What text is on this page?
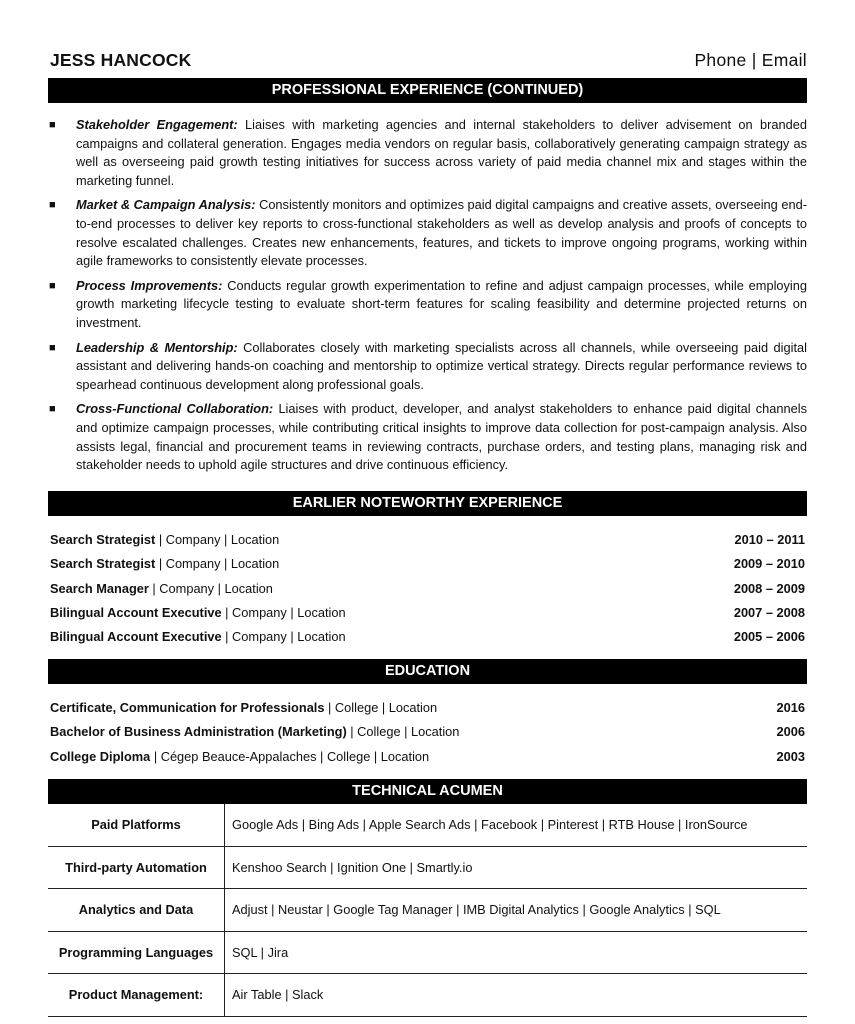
JESS HANCOCK	Phone | Email
PROFESSIONAL EXPERIENCE (CONTINUED)
■ Stakeholder Engagement: Liaises with marketing agencies and internal stakeholders to deliver advisement on branded campaigns and collateral generation. Engages media vendors on regular basis, collaboratively generating campaign strategy as well as overseeing paid growth testing initiatives for success across variety of paid media channel mix and stages within the marketing funnel.
■ Market & Campaign Analysis: Consistently monitors and optimizes paid digital campaigns and creative assets, overseeing end-to-end processes to deliver key reports to cross-functional stakeholders as well as develop analysis and proofs of concepts to resolve escalated challenges. Creates new enhancements, features, and tickets to improve ongoing programs, working within agile frameworks to consistently elevate processes.
■ Process Improvements: Conducts regular growth experimentation to refine and adjust campaign processes, while employing growth marketing lifecycle testing to evaluate short-term features for scaling feasibility and determine projected returns on investment.
■ Leadership & Mentorship: Collaborates closely with marketing specialists across all channels, while overseeing paid digital assistant and delivering hands-on coaching and mentorship to optimize vertical strategy. Directs regular performance reviews to spearhead continuous development along professional goals.
■ Cross-Functional Collaboration: Liaises with product, developer, and analyst stakeholders to enhance paid digital channels and optimize campaign processes, while contributing critical insights to improve data collection for post-campaign analysis. Also assists legal, financial and procurement teams in reviewing contracts, purchase orders, and testing plans, managing risk and stakeholder needs to uphold agile structures and drive continuous efficiency.
EARLIER NOTEWORTHY EXPERIENCE
Search Strategist | Company | Location	2010 – 2011
Search Strategist | Company | Location	2009 – 2010
Search Manager | Company | Location	2008 – 2009
Bilingual Account Executive | Company | Location	2007 – 2008
Bilingual Account Executive | Company | Location	2005 – 2006
EDUCATION
Certificate, Communication for Professionals | College | Location	2016
Bachelor of Business Administration (Marketing) | College | Location	2006
College Diploma | Cégep Beauce-Appalaches | College | Location	2003
TECHNICAL ACUMEN
Paid Platforms	Google Ads | Bing Ads | Apple Search Ads | Facebook | Pinterest | RTB House | IronSource
Third-party Automation	Kenshoo Search | Ignition One | Smartly.io
Analytics and Data	Adjust | Neustar | Google Tag Manager | IMB Digital Analytics | Google Analytics | SQL
Programming Languages	SQL | Jira
Product Management:	Air Table | Slack
